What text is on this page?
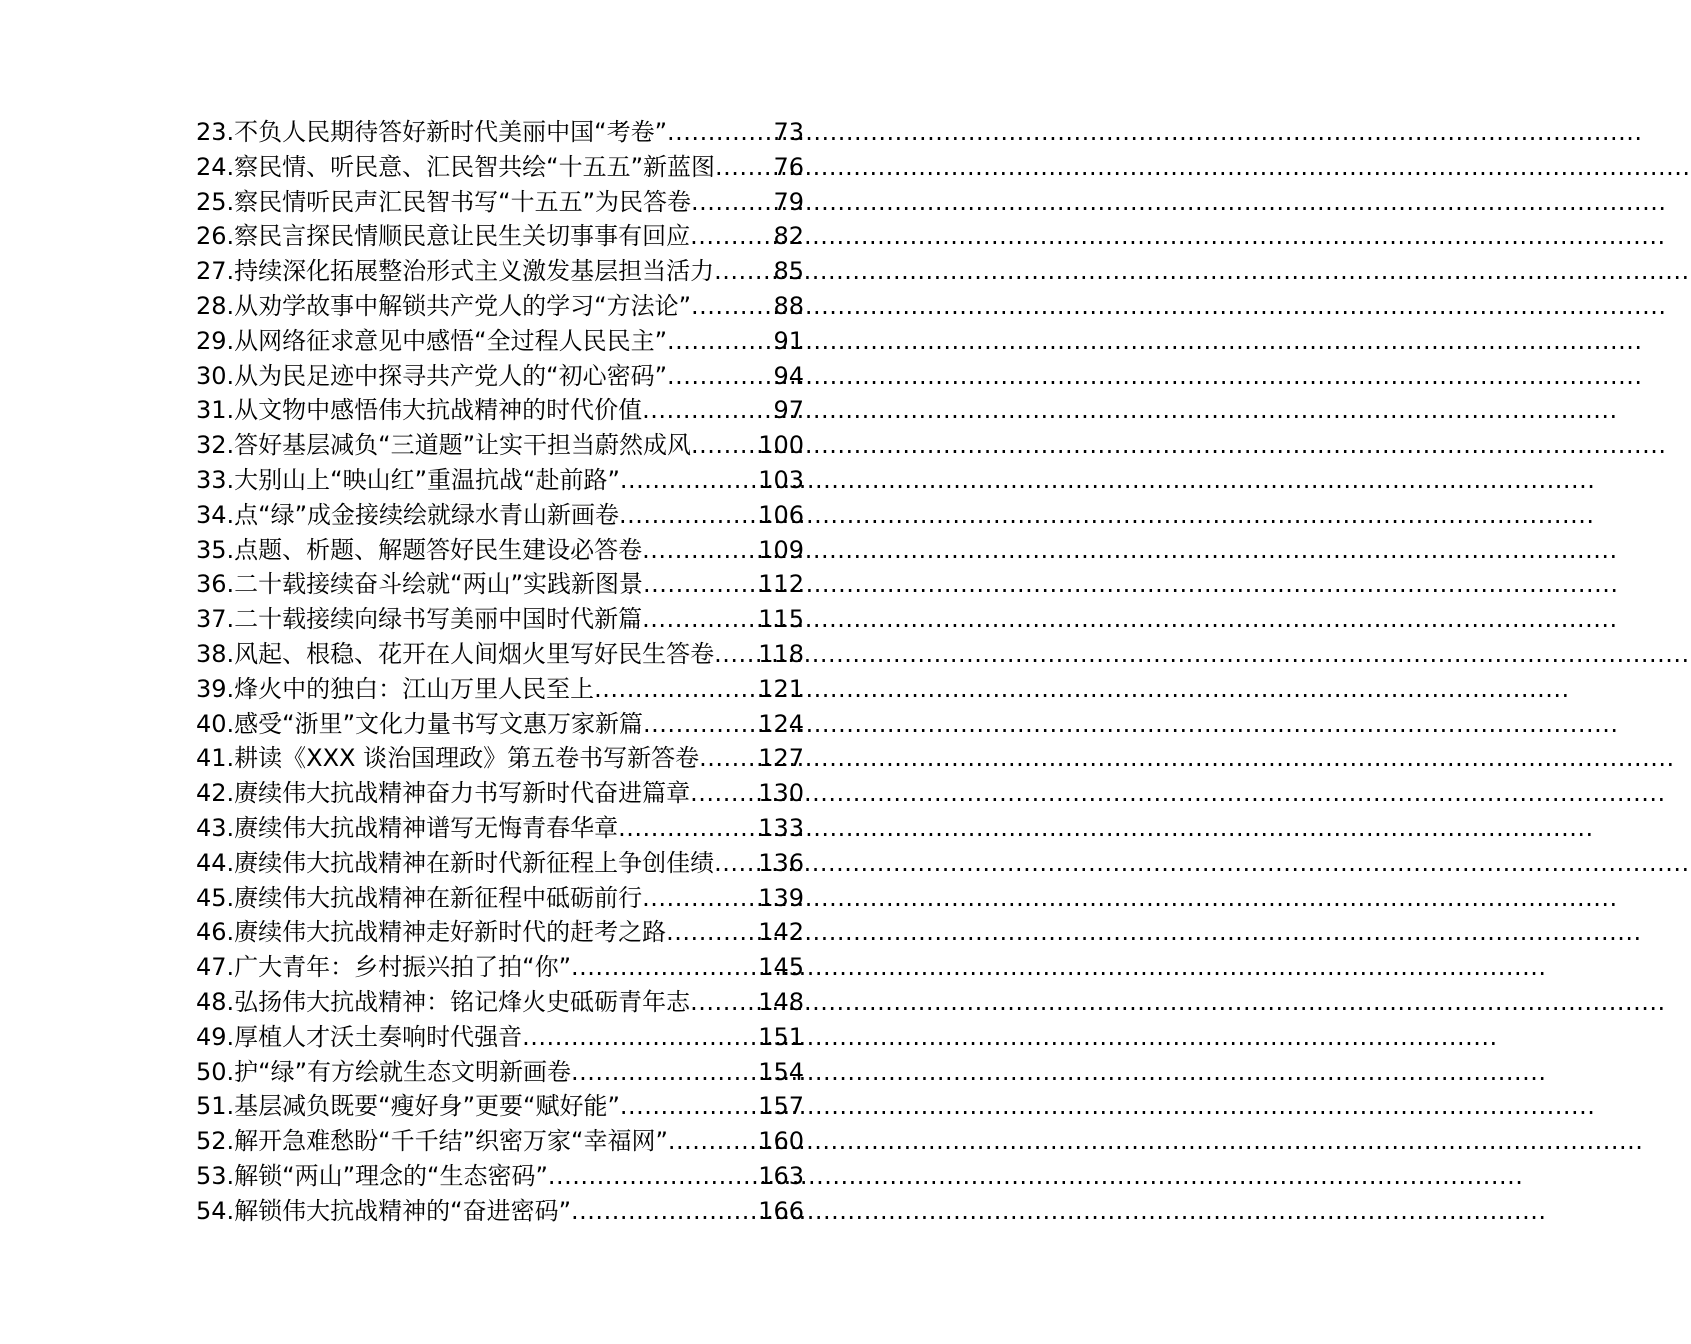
23. 不负人民期待答好新时代美丽中国“考卷” .....	73
24. 察民情、听民意、汇民智共绘“十五五”新蓝图 ..... 76
25. 察民情听民声汇民智书写“十五五”为民答卷 .....	79
26. 察民言探民情顺民意让民生关切事事有回应 .....	82
27. 持续深化拓展整治形式主义激发基层担当活力 ..... 85
28. 从劝学故事中解锁共产党人的学习“方法论” .....	88
29. 从网络征求意见中感悟“全过程人民民主” .....	91
30. 从为民足迹中探寻共产党人的“初心密码” .....	94
31. 从文物中感悟伟大抗战精神的时代价值 .....	97
32. 答好基层减负“三道题”让实干担当蔚然成风 .....	100
33. 大别山上“映山红”重温抗战“赴前路” .....	103
34. 点“绿”成金接续绘就绿水青山新画卷 .....	106
35. 点题、析题、解题答好民生建设必答卷 .....	109
36. 二十载接续奋斗绘就“两山”实践新图景 .....	112
37. 二十载接续向绿书写美丽中国时代新篇 .....	115
38. 风起、根稳、花开在人间烟火里写好民生答卷 ..... 118
39. 烽火中的独白：江山万里人民至上 .....	121
40. 感受“浙里”文化力量书写文惠万家新篇 .....	124
41. 耕读《XXX 谈治国理政》第五卷书写新答卷 ..... 127
42. 赓续伟大抗战精神奋力书写新时代奋进篇章 .....	130
43. 赓续伟大抗战精神谱写无悔青春华章 .....	133
44. 赓续伟大抗战精神在新时代新征程上争创佳绩 ..... 136
45. 赓续伟大抗战精神在新征程中砥砺前行 .....	139
46. 赓续伟大抗战精神走好新时代的赶考之路 .....	142
47. 广大青年：乡村振兴拍了拍“你” .....	145
48. 弘扬伟大抗战精神：铭记烽火史砥砺青年志 .....	148
49. 厚植人才沃土奏响时代强音 .....	151
50. 护“绿”有方绘就生态文明新画卷 .....	154
51. 基层减负既要“瘦好身”更要“赋好能” .....	157
52. 解开急难愁盼“千千结”织密万家“幸福网” .....	160
53. 解锁“两山”理念的“生态密码” .....	163
54. 解锁伟大抗战精神的“奋进密码” .....	166
